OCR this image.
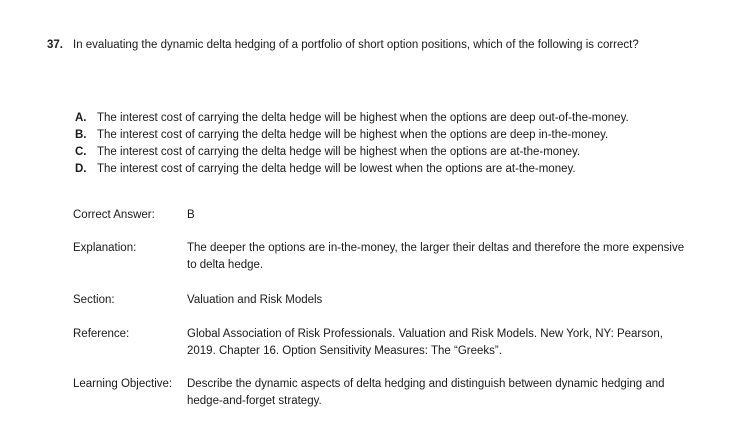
37. In evaluating the dynamic delta hedging of a portfolio of short option positions, which of the following is correct?
A. The interest cost of carrying the delta hedge will be highest when the options are deep out-of-the-money.
B. The interest cost of carrying the delta hedge will be highest when the options are deep in-the-money.
C. The interest cost of carrying the delta hedge will be highest when the options are at-the-money.
D. The interest cost of carrying the delta hedge will be lowest when the options are at-the-money.
Correct Answer:	B
Explanation:	The deeper the options are in-the-money, the larger their deltas and therefore the more expensive to delta hedge.
Section:	Valuation and Risk Models
Reference:	Global Association of Risk Professionals. Valuation and Risk Models. New York, NY: Pearson, 2019. Chapter 16. Option Sensitivity Measures: The “Greeks”.
Learning Objective: Describe the dynamic aspects of delta hedging and distinguish between dynamic hedging and hedge-and-forget strategy.
